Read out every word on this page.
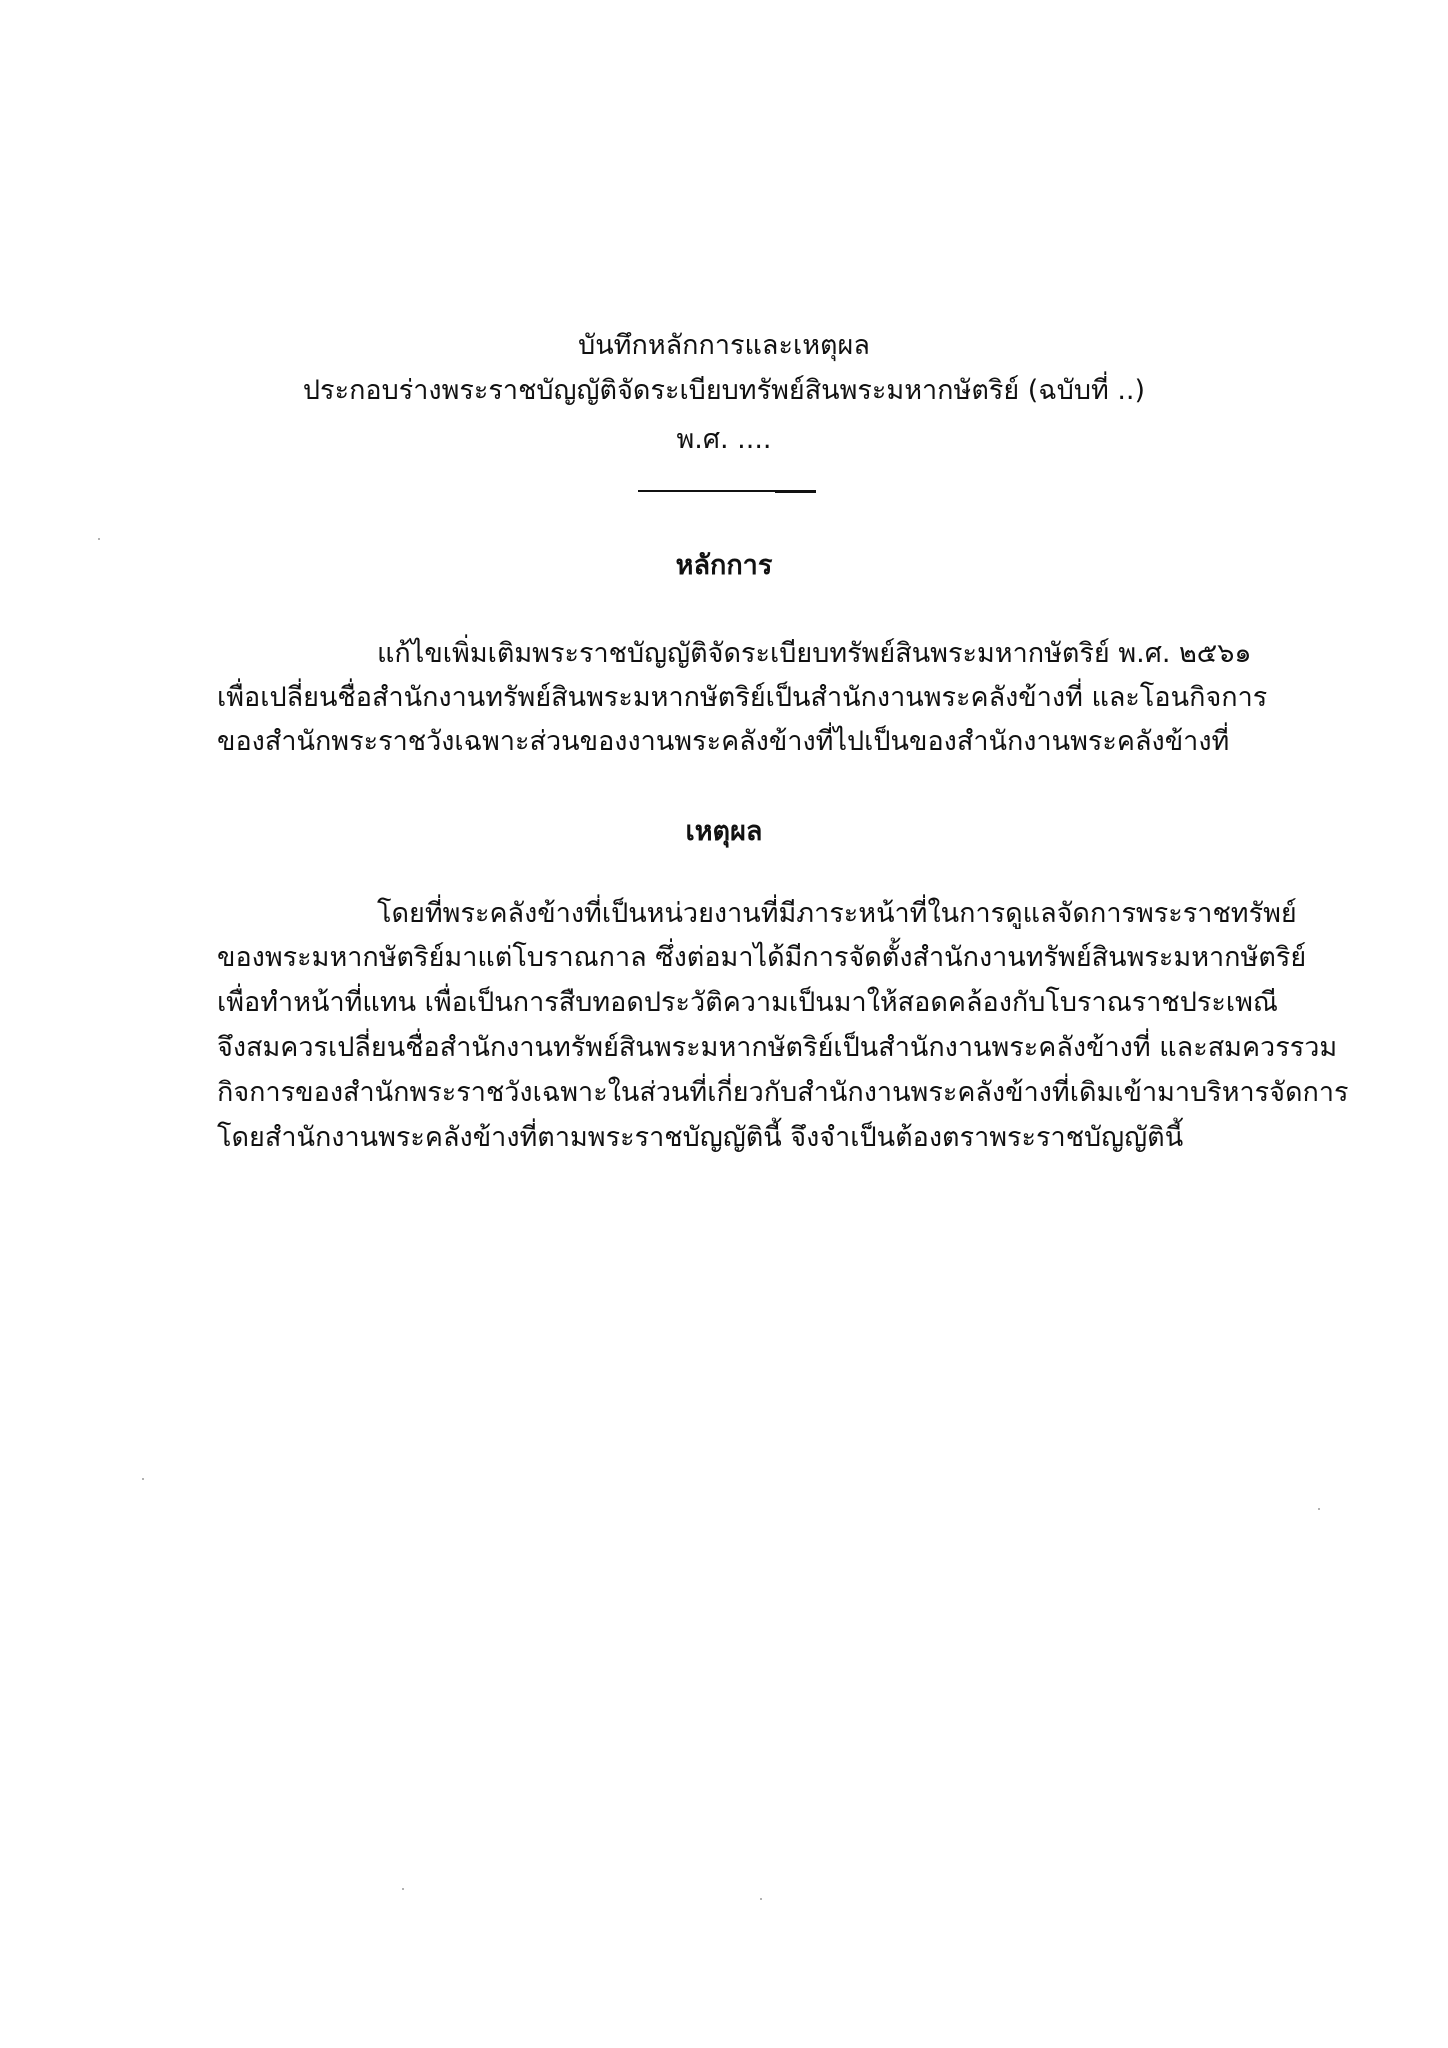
บันทึกหลักการและเหตุผล
ประกอบร่างพระราชบัญญัติจัดระเบียบทรัพย์สินพระมหากษัตริย์ (ฉบับที่ ..)
พ.ศ. ....
หลักการ
แก้ไขเพิ่มเติมพระราชบัญญัติจัดระเบียบทรัพย์สินพระมหากษัตริย์ พ.ศ. ๒๕๖๑
เพื่อเปลี่ยนชื่อสำนักงานทรัพย์สินพระมหากษัตริย์เป็นสำนักงานพระคลังข้างที่ และโอนกิจการ
ของสำนักพระราชวังเฉพาะส่วนของงานพระคลังข้างที่ไปเป็นของสำนักงานพระคลังข้างที่
เหตุผล
โดยที่พระคลังข้างที่เป็นหน่วยงานที่มีภาระหน้าที่ในการดูแลจัดการพระราชทรัพย์
ของพระมหากษัตริย์มาแต่โบราณกาล ซึ่งต่อมาได้มีการจัดตั้งสำนักงานทรัพย์สินพระมหากษัตริย์
เพื่อทำหน้าที่แทน เพื่อเป็นการสืบทอดประวัติความเป็นมาให้สอดคล้องกับโบราณราชประเพณี
จึงสมควรเปลี่ยนชื่อสำนักงานทรัพย์สินพระมหากษัตริย์เป็นสำนักงานพระคลังข้างที่ และสมควรรวม
กิจการของสำนักพระราชวังเฉพาะในส่วนที่เกี่ยวกับสำนักงานพระคลังข้างที่เดิมเข้ามาบริหารจัดการ
โดยสำนักงานพระคลังข้างที่ตามพระราชบัญญัตินี้ จึงจำเป็นต้องตราพระราชบัญญัตินี้
